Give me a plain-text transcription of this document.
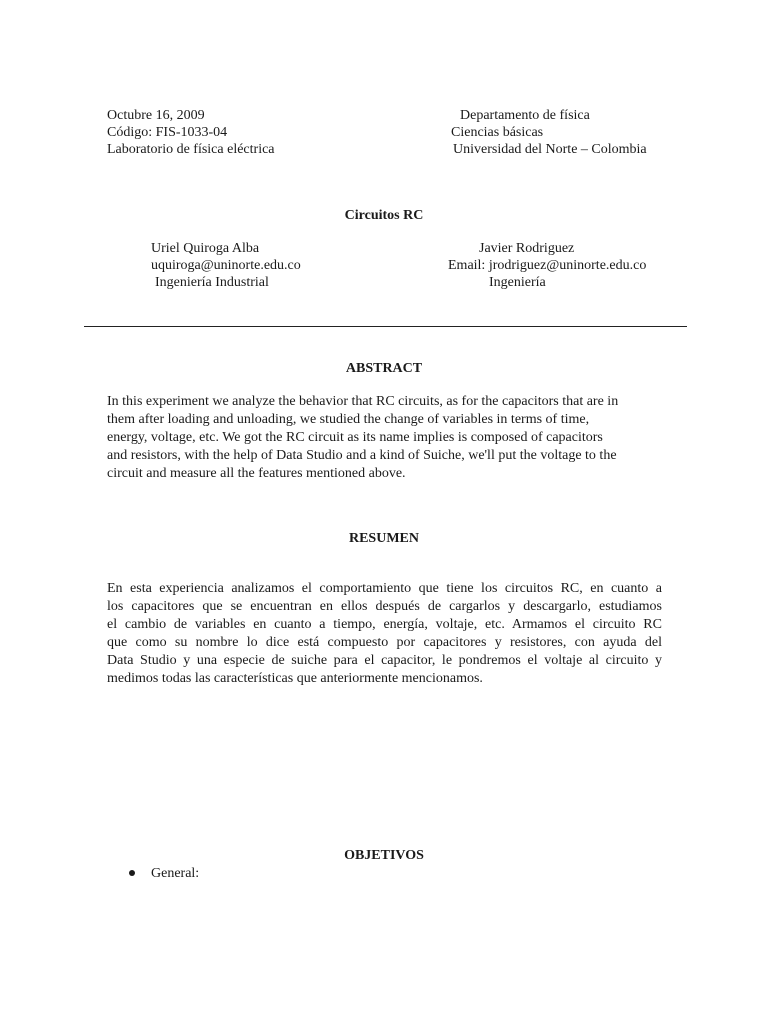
Octubre 16, 2009
Código: FIS-1033-04
Laboratorio de física eléctrica
Departamento de física
Ciencias básicas
Universidad del Norte – Colombia
Circuitos RC
Uriel Quiroga Alba
uquiroga@uninorte.edu.co
Ingeniería Industrial
Javier Rodriguez
Email: jrodriguez@uninorte.edu.co
Ingeniería
ABSTRACT
In this experiment we analyze the behavior that RC circuits, as for the capacitors that are in
them after loading and unloading, we studied the change of variables in terms of time,
energy, voltage, etc. We got the RC circuit as its name implies is composed of capacitors
and resistors, with the help of Data Studio and a kind of Suiche, we'll put the voltage to the
circuit and measure all the features mentioned above.
RESUMEN
En esta experiencia analizamos el comportamiento que tiene los circuitos RC, en cuanto a
los capacitores que se encuentran en ellos después de cargarlos y descargarlo, estudiamos
el cambio de variables en cuanto a tiempo, energía, voltaje, etc. Armamos el circuito RC
que como su nombre lo dice está compuesto por capacitores y resistores, con ayuda del
Data Studio y una especie de suiche para el capacitor, le pondremos el voltaje al circuito y
medimos todas las características que anteriormente mencionamos.
OBJETIVOS
General:
